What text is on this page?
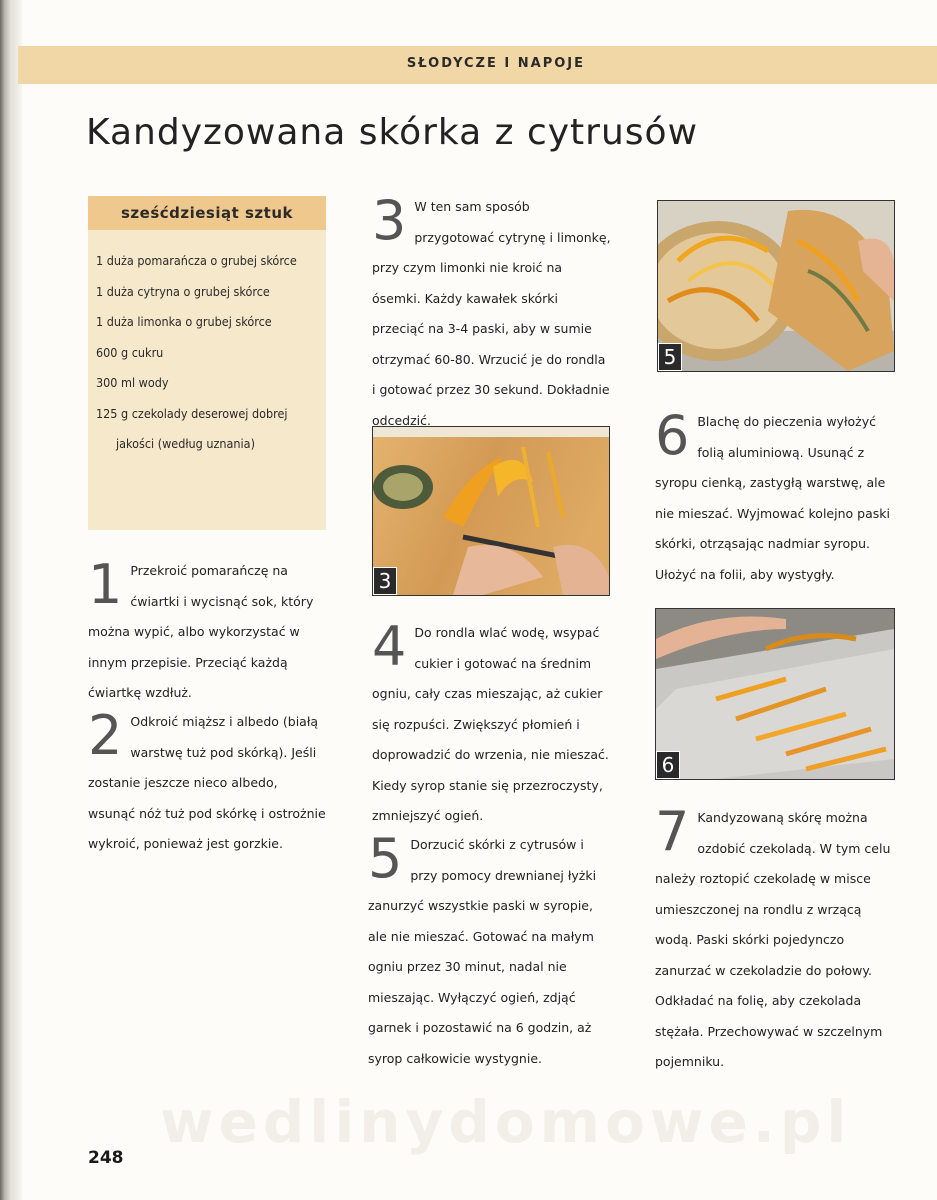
SŁODYCZE I NAPOJE
Kandyzowana skórka z cytrusów
sześćdziesiąt sztuk
1 duża pomarańcza o grubej skórce
1 duża cytryna o grubej skórce
1 duża limonka o grubej skórce
600 g cukru
300 ml wody
125 g czekolady deserowej dobrej
jakości (według uznania)
1 Przekroić pomarańczę na ćwiartki i wycisnąć sok, który można wypić, albo wykorzystać w innym przepisie. Przeciąć każdą ćwiartkę wzdłuż.

2 Odkroić miąższ i albedo (białą warstwę tuż pod skórką). Jeśli zostanie jeszcze nieco albedo, wsunąć nóż tuż pod skórkę i ostrożnie wykroić, ponieważ jest gorzkie.

3 W ten sam sposób przygotować cytrynę i limonkę, przy czym limonki nie kroić na ósemki. Każdy kawałek skórki przeciąć na 3-4 paski, aby w sumie otrzymać 60-80. Wrzucić je do rondla i gotować przez 30 sekund. Dokładnie odcedzić.

3
4 Do rondla wlać wodę, wsypać cukier i gotować na średnim ogniu, cały czas mieszając, aż cukier się rozpuści. Zwiększyć płomień i doprowadzić do wrzenia, nie mieszać. Kiedy syrop stanie się przezroczysty, zmniejszyć ogień.

5 Dorzucić skórki z cytrusów i przy pomocy drewnianej łyżki zanurzyć wszystkie paski w syropie, ale nie mieszać. Gotować na małym ogniu przez 30 minut, nadal nie mieszając. Wyłączyć ogień, zdjąć garnek i pozostawić na 6 godzin, aż syrop całkowicie wystygnie.

5
6 Blachę do pieczenia wyłożyć folią aluminiową. Usunąć z syropu cienką, zastygłą warstwę, ale nie mieszać. Wyjmować kolejno paski skórki, otrząsając nadmiar syropu. Ułożyć na folii, aby wystygły.

6
7 Kandyzowaną skórę można ozdobić czekoladą. W tym celu należy roztopić czekoladę w misce umieszczonej na rondlu z wrzącą wodą. Paski skórki pojedynczo zanurzać w czekoladzie do połowy. Odkładać na folię, aby czekolada stężała. Przechowywać w szczelnym pojemniku.

wedlinydomowe.pl
248
